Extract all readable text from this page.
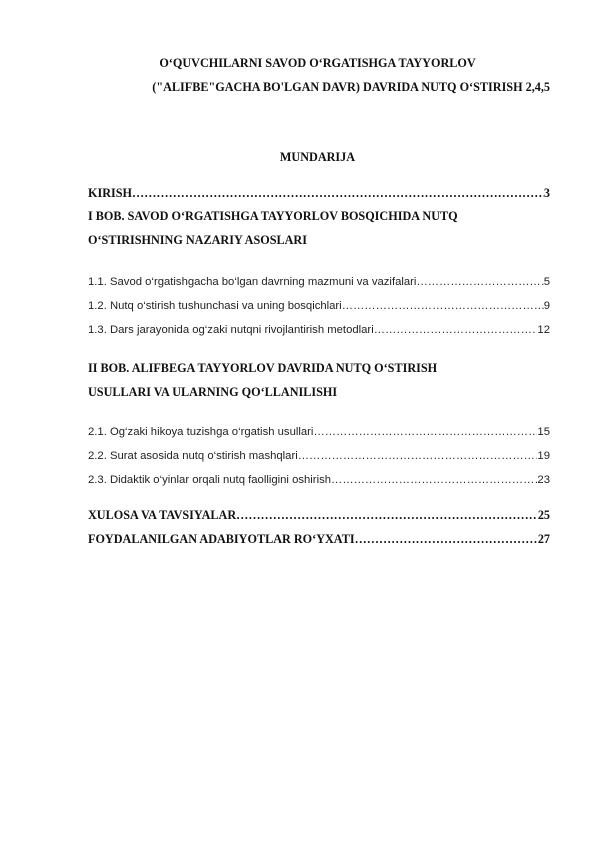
O‘QUVCHILARNI SAVOD O‘RGATISHGA TAYYORLOV
("ALIFBE"GACHA BO'LGAN DAVR) DAVRIDA NUTQ O‘STIRISH 2,4,5
MUNDARIJA
KIRISH …………………………………………………………………………………………………………………………………………………………………………	3
I BOB. SAVOD O‘RGATISHGA TAYYORLOV BOSQICHIDA NUTQ
O‘STIRISHNING NAZARIY ASOSLARI
1.1. Savod o‘rgatishgacha bo‘lgan davrning mazmuni va vazifalari …………………………………………………………………………………………………………………………………………………………………………	5
1.2. Nutq o‘stirish tushunchasi va uning bosqichlari …………………………………………………………………………………………………………………………………………………………………………	9
1.3. Dars jarayonida og‘zaki nutqni rivojlantirish metodlari …………………………………………………………………………………………………………………………………………………………………………	12
II BOB. ALIFBEGA TAYYORLOV DAVRIDA NUTQ O‘STIRISH
USULLARI VA ULARNING QO‘LLANILISHI
2.1. Og‘zaki hikoya tuzishga o‘rgatish usullari …………………………………………………………………………………………………………………………………………………………………………	15
2.2. Surat asosida nutq o‘stirish mashqlari …………………………………………………………………………………………………………………………………………………………………………	19
2.3. Didaktik o‘yinlar orqali nutq faolligini oshirish …………………………………………………………………………………………………………………………………………………………………………	23
XULOSA VA TAVSIYALAR …………………………………………………………………………………………………………………………………………………………………………	25
FOYDALANILGAN ADABIYOTLAR RO‘YXATI …………………………………………………………………………………………………………………………………………………………………………	27
